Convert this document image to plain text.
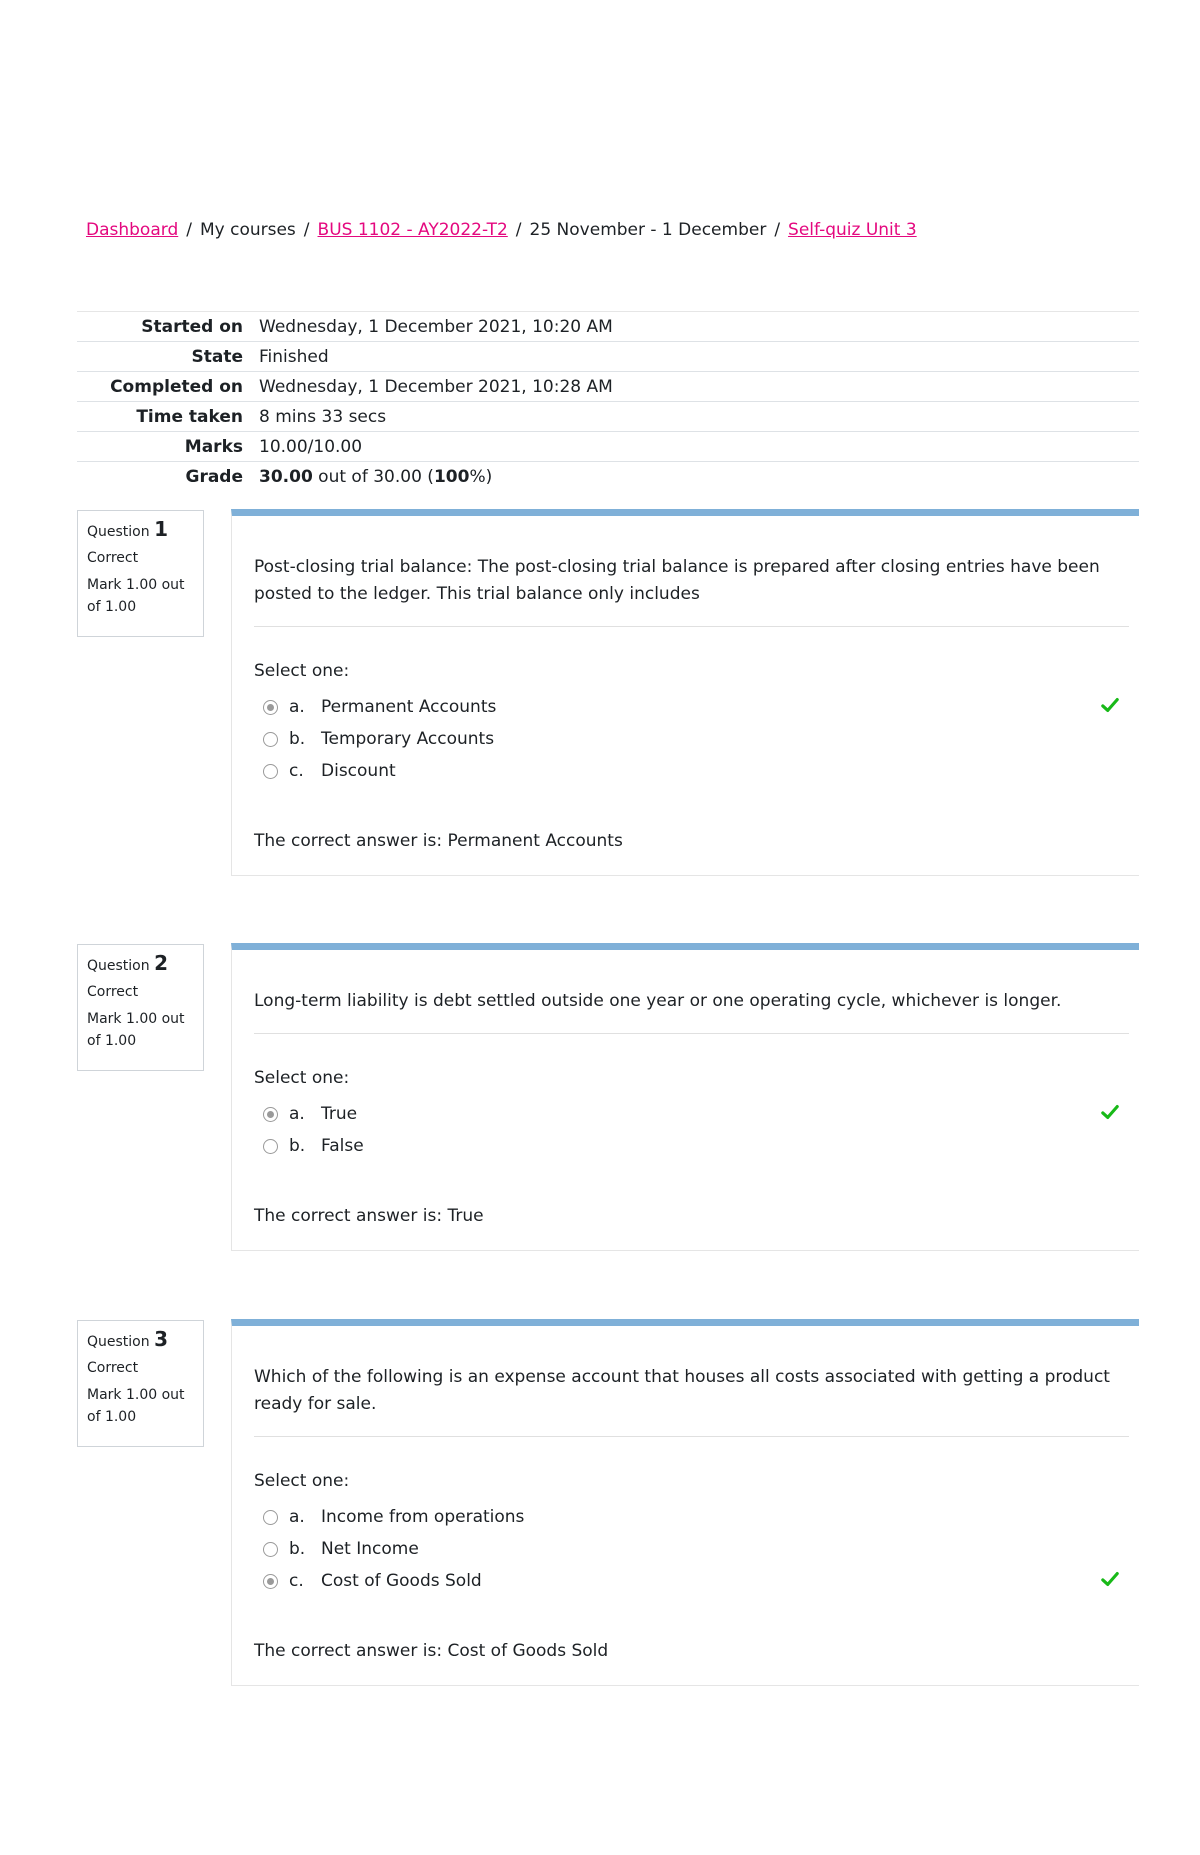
Dashboard / My courses / BUS 1102 - AY2022-T2 / 25 November - 1 December / Self-quiz Unit 3
Started on	Wednesday, 1 December 2021, 10:20 AM
State	Finished
Completed on	Wednesday, 1 December 2021, 10:28 AM
Time taken	8 mins 33 secs
Marks	10.00/10.00
Grade	30.00 out of 30.00 (100%)
Question 1
Correct
Mark 1.00 out of 1.00
Post-closing trial balance: The post-closing trial balance is prepared after closing entries have been posted to the ledger. This trial balance only includes
Select one:
a. Permanent Accounts
b. Temporary Accounts
c.	Discount
The correct answer is: Permanent Accounts
Question 2
Correct
Mark 1.00 out of 1.00
Long-term liability is debt settled outside one year or one operating cycle, whichever is longer.
Select one:
a. True
b. False
The correct answer is: True
Question 3
Correct
Mark 1.00 out of 1.00
Which of the following is an expense account that houses all costs associated with getting a product ready for sale.
Select one:
a. Income from operations
b. Net Income
c.	Cost of Goods Sold
The correct answer is: Cost of Goods Sold
